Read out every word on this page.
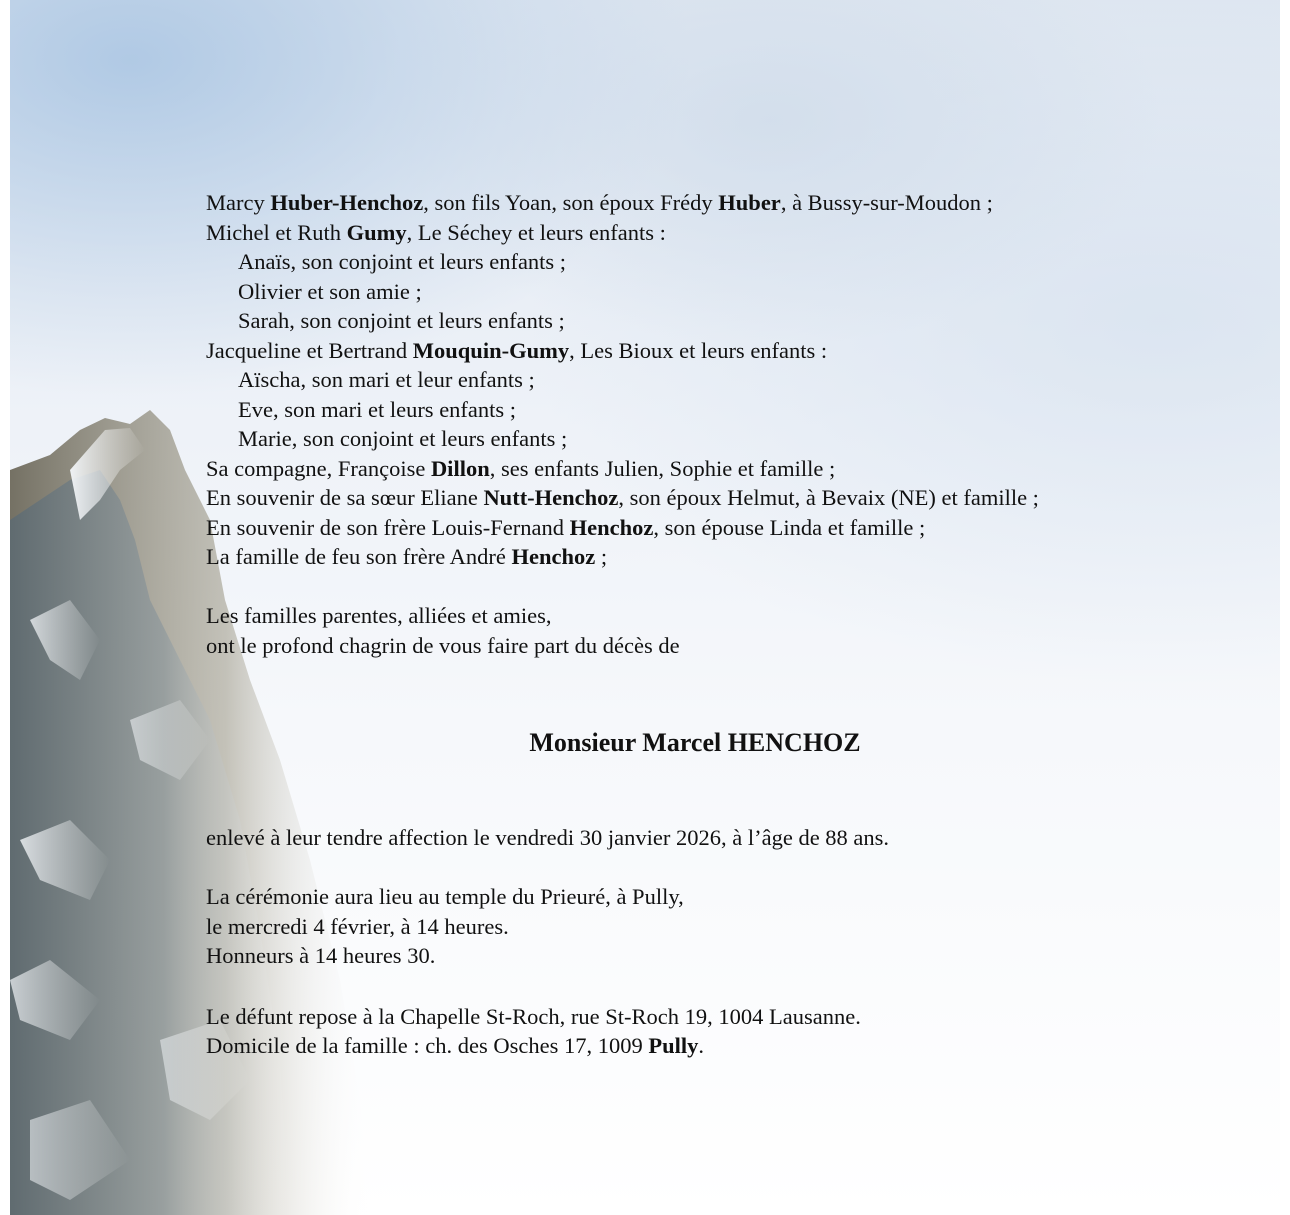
Marcy Huber-Henchoz, son fils Yoan, son époux Frédy Huber, à Bussy-sur-Moudon ;
Michel et Ruth Gumy, Le Séchey et leurs enfants :
Anaïs, son conjoint et leurs enfants ;
Olivier et son amie ;
Sarah, son conjoint et leurs enfants ;
Jacqueline et Bertrand Mouquin-Gumy, Les Bioux et leurs enfants :
Aïscha, son mari et leur enfants ;
Eve, son mari et leurs enfants ;
Marie, son conjoint et leurs enfants ;
Sa compagne, Françoise Dillon, ses enfants Julien, Sophie et famille ;
En souvenir de sa sœur Eliane Nutt-Henchoz, son époux Helmut, à Bevaix (NE) et famille ;
En souvenir de son frère Louis-Fernand Henchoz, son épouse Linda et famille ;
La famille de feu son frère André Henchoz ;
Les familles parentes, alliées et amies,
ont le profond chagrin de vous faire part du décès de
Monsieur Marcel HENCHOZ
enlevé à leur tendre affection le vendredi 30 janvier 2026, à l’âge de 88 ans.
La cérémonie aura lieu au temple du Prieuré, à Pully,
le mercredi 4 février, à 14 heures.
Honneurs à 14 heures 30.
Le défunt repose à la Chapelle St-Roch, rue St-Roch 19, 1004 Lausanne.
Domicile de la famille : ch. des Osches 17, 1009 Pully.
